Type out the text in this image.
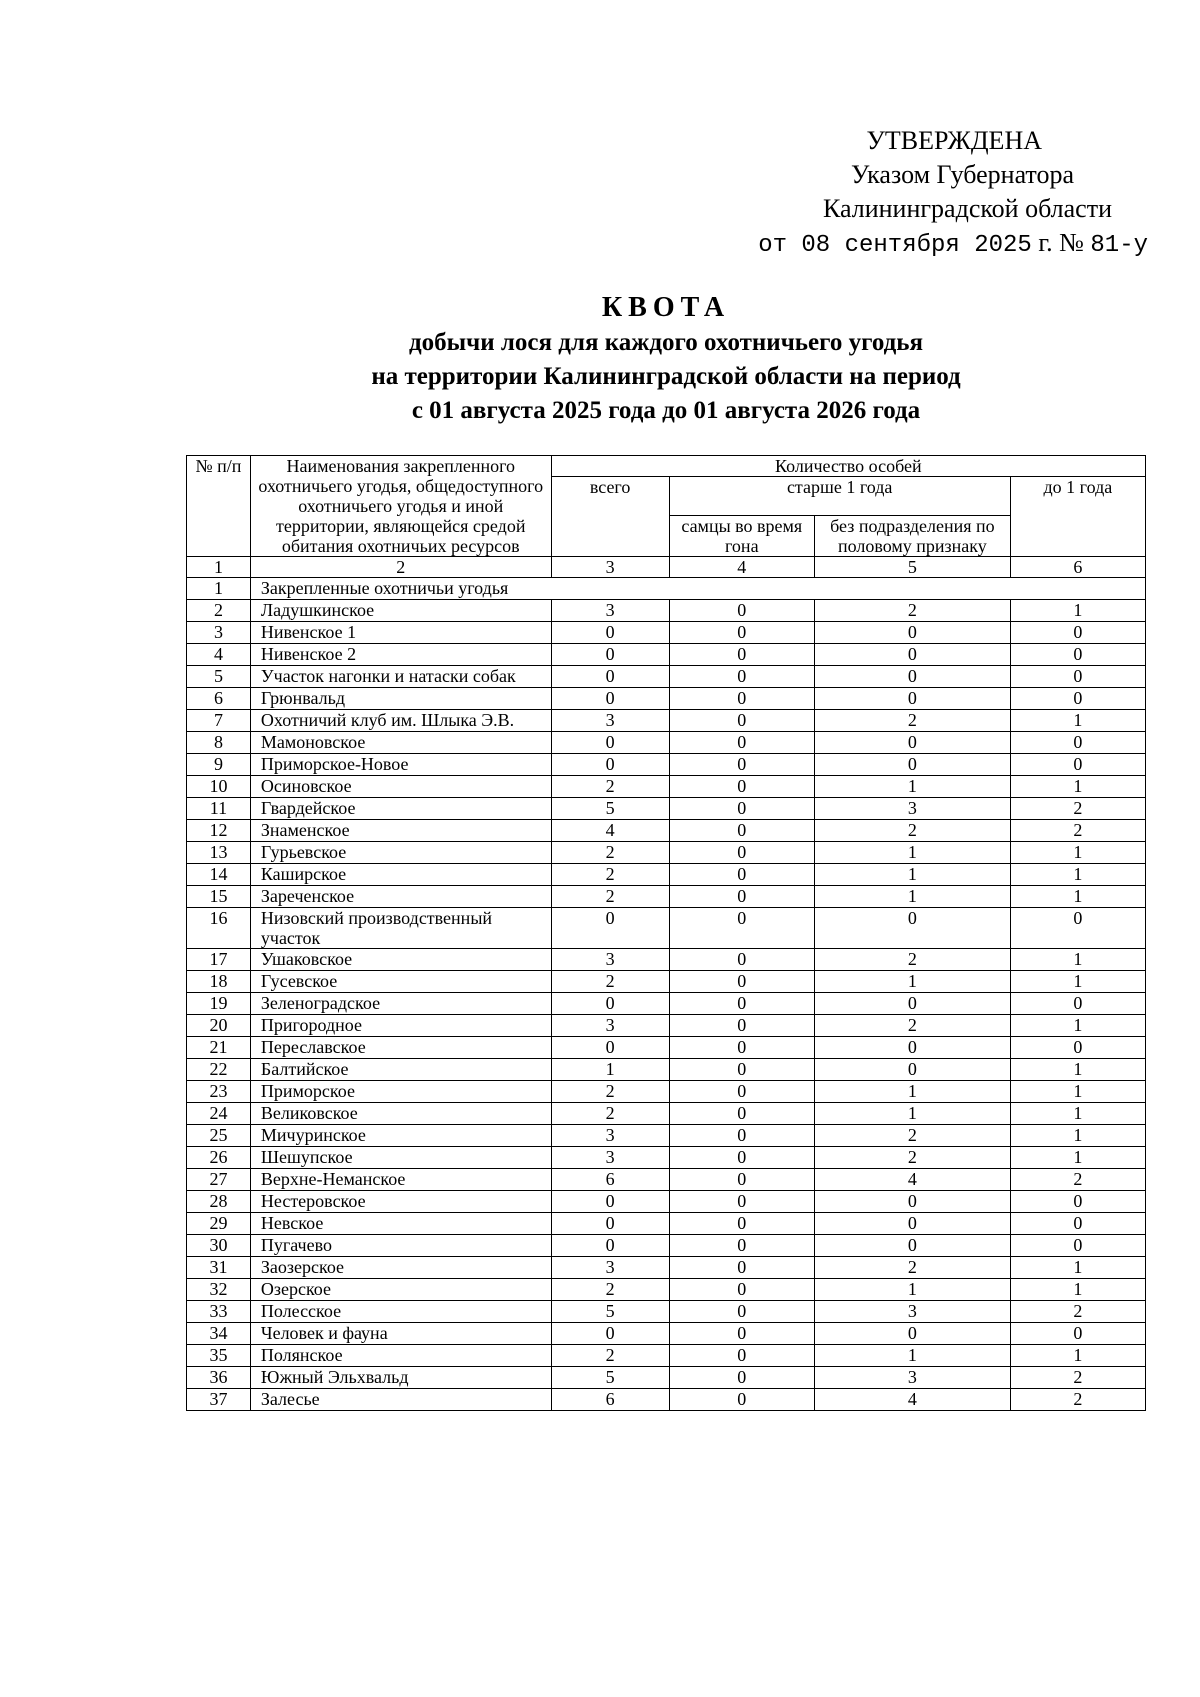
УТВЕРЖДЕНА
Указом Губернатора
Калининградской области
от 08 сентября 2025 г. № 81-у
КВОТА
добычи лося для каждого охотничьего угодья
на территории Калининградской области на период
с 01 августа 2025 года до 01 августа 2026 года
№ п/п	Наименования закрепленного охотничьего угодья, общедоступного охотничьего угодья и иной территории, являющейся средой обитания охотничьих ресурсов	Количество особей			
		всего	старше 1 года		до 1 года
			самцы во время гона	без подразделения по половому признаку	
1	2	3	4	5	6
1	Закрепленные охотничьи угодья				
2	Ладушкинское	3	0	2	1
3	Нивенское 1	0	0	0	0
4	Нивенское 2	0	0	0	0
5	Участок нагонки и натаски собак	0	0	0	0
6	Грюнвальд	0	0	0	0
7	Охотничий клуб им. Шлыка Э.В.	3	0	2	1
8	Мамоновское	0	0	0	0
9	Приморское-Новое	0	0	0	0
10	Осиновское	2	0	1	1
11	Гвардейское	5	0	3	2
12	Знаменское	4	0	2	2
13	Гурьевское	2	0	1	1
14	Каширское	2	0	1	1
15	Зареченское	2	0	1	1
16	Низовский производственный участок	0	0	0	0
17	Ушаковское	3	0	2	1
18	Гусевское	2	0	1	1
19	Зеленоградское	0	0	0	0
20	Пригородное	3	0	2	1
21	Переславское	0	0	0	0
22	Балтийское	1	0	0	1
23	Приморское	2	0	1	1
24	Великовское	2	0	1	1
25	Мичуринское	3	0	2	1
26	Шешупское	3	0	2	1
27	Верхне-Неманское	6	0	4	2
28	Нестеровское	0	0	0	0
29	Невское	0	0	0	0
30	Пугачево	0	0	0	0
31	Заозерское	3	0	2	1
32	Озерское	2	0	1	1
33	Полесское	5	0	3	2
34	Человек и фауна	0	0	0	0
35	Полянское	2	0	1	1
36	Южный Эльхвальд	5	0	3	2
37	Залесье	6	0	4	2
